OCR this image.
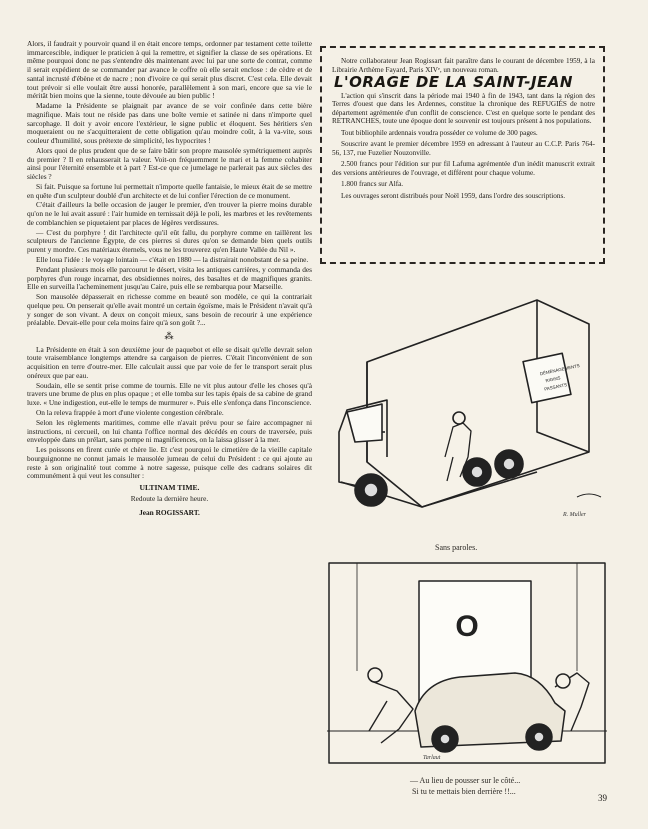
Alors, il faudrait y pourvoir quand il en était encore temps, ordonner par testament cette toilette immarcescible, indiquer le praticien à qui la remettre, et signifier la classe de ses opérations. Et même pourquoi donc ne pas s'entendre dès maintenant avec lui par une sorte de contrat, comme il serait expédient de se commander par avance le coffre où elle serait enclose : de cèdre et de santal incrusté d'ébène et de nacre ; non d'ivoire ce qui serait plus discret. C'est cela. Elle devait tout prévoir si elle voulait être aussi honorée, parallèlement à son mari, encore que sa vie le méritât bien moins que la sienne, toute dévouée au bien public !

Madame la Présidente se plaignait par avance de se voir confinée dans cette bière magnifique. Mais tout ne réside pas dans une boîte vernie et satinée ni dans n'importe quel sarcophage. Il doit y avoir encore l'extérieur, le signe public et éloquent. Ses héritiers s'en moqueraient ou ne s'acquitteraient de cette obligation qu'au moindre coût, à la va-vite, sous couleur d'humilité, sous prétexte de simplicité, les hypocrites !

Alors quoi de plus prudent que de se faire bâtir son propre mausolée symétriquement auprès du premier ? Il en rehausserait la valeur. Voit-on fréquemment le mari et la femme cohabiter ainsi pour l'éternité ensemble et à part ? Est-ce que ce jumelage ne parlerait pas aux siècles des siècles ?

Si fait. Puisque sa fortune lui permettait n'importe quelle fantaisie, le mieux était de se mettre en quête d'un sculpteur doublé d'un architecte et de lui confier l'érection de ce monument.

C'était d'ailleurs la belle occasion de jauger le premier, d'en trouver la pierre moins durable qu'on ne le lui avait assuré : l'air humide en ternissait déjà le poli, les marbres et les revêtements de comblanchien se piquetaient par places de légères verdissures.

— C'est du porphyre ! dit l'architecte qu'il eût fallu, du porphyre comme en taillèrent les sculpteurs de l'ancienne Égypte, de ces pierres si dures qu'on se demande bien quels outils purent y mordre. Ces matériaux éternels, vous ne les trouverez qu'en Haute Vallée du Nil ».

Elle loua l'idée : le voyage lointain — c'était en 1880 — la distrairait nonobstant de sa peine.

Pendant plusieurs mois elle parcourut le désert, visita les antiques carrières, y commanda des porphyres d'un rouge incarnat, des obsidiennes noires, des basaltes et de magnifiques granits. Elle en surveilla l'acheminement jusqu'au Caire, puis elle se rembarqua pour Marseille.

Son mausolée dépasserait en richesse comme en beauté son modèle, ce qui la contrariait quelque peu. On penserait qu'elle avait montré un certain égoïsme, mais le Président n'avait qu'à y songer de son vivant. A deux on conçoit mieux, sans besoin de recourir à une expérience préalable. Devait-elle pour cela moins faire qu'à son goût ?...

⁂

La Présidente en était à son deuxième jour de paquebot et elle se disait qu'elle devrait selon toute vraisemblance longtemps attendre sa cargaison de pierres. C'était l'inconvénient de son acquisition en terre d'outre-mer. Elle calculait aussi que par voie de fer le transport serait plus onéreux que par eau.

Soudain, elle se sentit prise comme de tournis. Elle ne vit plus autour d'elle les choses qu'à travers une brume de plus en plus opaque ; et elle tomba sur les tapis épais de sa cabine de grand luxe. « Une indigestion, eut-elle le temps de murmurer ». Puis elle s'enfonça dans l'inconscience.

On la releva frappée à mort d'une violente congestion cérébrale.

Selon les règlements maritimes, comme elle n'avait prévu pour se faire accompagner ni instructions, ni cercueil, on lui chanta l'office normal des décédés en cours de traversée, puis enveloppée dans un prélart, sans pompe ni magnificences, on la laissa glisser à la mer.

Les poissons en firent curée et chère lie. Et c'est pourquoi le cimetière de la vieille capitale bourguignonne ne connut jamais le mausolée jumeau de celui du Président : ce qui ajoute au reste à son originalité tout comme à notre sagesse, puisque celle des cadrans solaires dit communément à qui veut les consulter :

ULTINAM TIME.
Redoute la dernière heure.
Jean ROGISSART.

Notre collaborateur Jean Rogissart fait paraître dans le courant de décembre 1959, à la Librairie Arthème Fayard, Paris XIVᵉ, un nouveau roman.

L'ORAGE DE LA SAINT-JEAN

L'action qui s'inscrit dans la période mai 1940 à fin de 1943, tant dans la région des Terres d'ouest que dans les Ardennes, constitue la chronique des REFUGIÉS de notre département agrémentée d'un conflit de conscience. C'est en quelque sorte le pendant des RETRANCHES, toute une époque dont le souvenir est toujours présent à nos populations.

Tout bibliophile ardennais voudra posséder ce volume de 300 pages.

Souscrire avant le premier décembre 1959 en adressant à l'auteur au C.C.P. Paris 764-56, 137, rue Fuzelier Nouzonville.

2.500 francs pour l'édition sur pur fil Lafuma agrémentée d'un inédit manuscrit extrait des versions antérieures de l'ouvrage, et différent pour chaque volume.

1.800 francs sur Alfa.

Les ouvrages seront distribués pour Noël 1959, dans l'ordre des souscriptions.

DÉMÉNAGEMENTS
RIGINS
PASSANTS
R. Muller
Sans paroles.
O
Tarlaut
— Au lieu de pousser sur le côté...
Si tu te mettais bien derrière !!...
39
